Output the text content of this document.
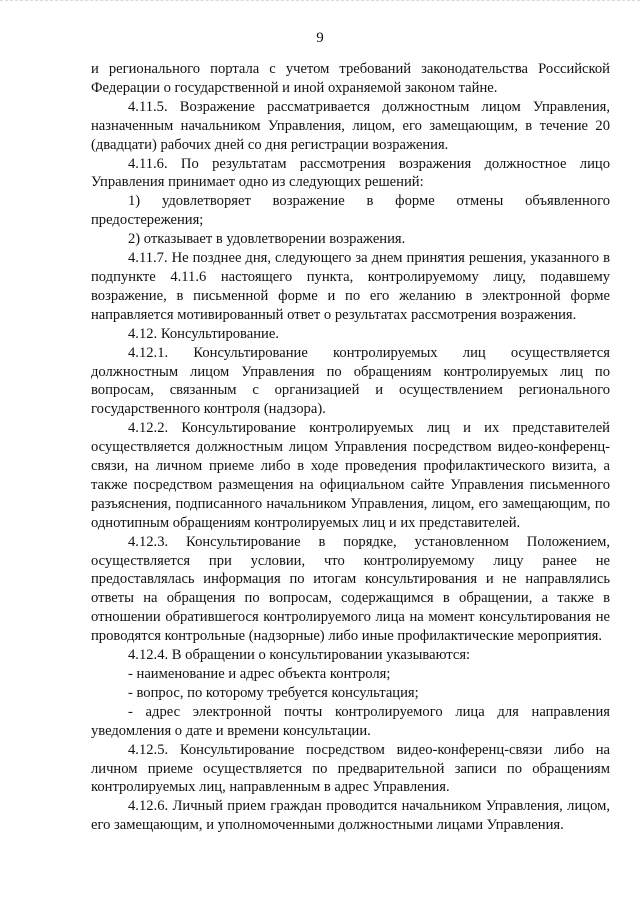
9

и регионального портала с учетом требований законодательства Российской Федерации о государственной и иной охраняемой законом тайне.

4.11.5. Возражение рассматривается должностным лицом Управления, назначенным начальником Управления, лицом, его замещающим, в течение 20 (двадцати) рабочих дней со дня регистрации возражения.

4.11.6. По результатам рассмотрения возражения должностное лицо Управления принимает одно из следующих решений:

1) удовлетворяет возражение в форме отмены объявленного предостережения;

2) отказывает в удовлетворении возражения.

4.11.7. Не позднее дня, следующего за днем принятия решения, указанного в подпункте 4.11.6 настоящего пункта, контролируемому лицу, подавшему возражение, в письменной форме и по его желанию в электронной форме направляется мотивированный ответ о результатах рассмотрения возражения.

4.12. Консультирование.

4.12.1. Консультирование контролируемых лиц осуществляется должностным лицом Управления по обращениям контролируемых лиц по вопросам, связанным с организацией и осуществлением регионального государственного контроля (надзора).

4.12.2. Консультирование контролируемых лиц и их представителей осуществляется должностным лицом Управления посредством видео-конференц-связи, на личном приеме либо в ходе проведения профилактического визита, а также посредством размещения на официальном сайте Управления письменного разъяснения, подписанного начальником Управления, лицом, его замещающим, по однотипным обращениям контролируемых лиц и их представителей.

4.12.3. Консультирование в порядке, установленном Положением, осуществляется при условии, что контролируемому лицу ранее не предоставлялась информация по итогам консультирования и не направлялись ответы на обращения по вопросам, содержащимся в обращении, а также в отношении обратившегося контролируемого лица на момент консультирования не проводятся контрольные (надзорные) либо иные профилактические мероприятия.

4.12.4. В обращении о консультировании указываются:

- наименование и адрес объекта контроля;

- вопрос, по которому требуется консультация;

- адрес электронной почты контролируемого лица для направления уведомления о дате и времени консультации.

4.12.5. Консультирование посредством видео-конференц-связи либо на личном приеме осуществляется по предварительной записи по обращениям контролируемых лиц, направленным в адрес Управления.

4.12.6. Личный прием граждан проводится начальником Управления, лицом, его замещающим, и уполномоченными должностными лицами Управления.
